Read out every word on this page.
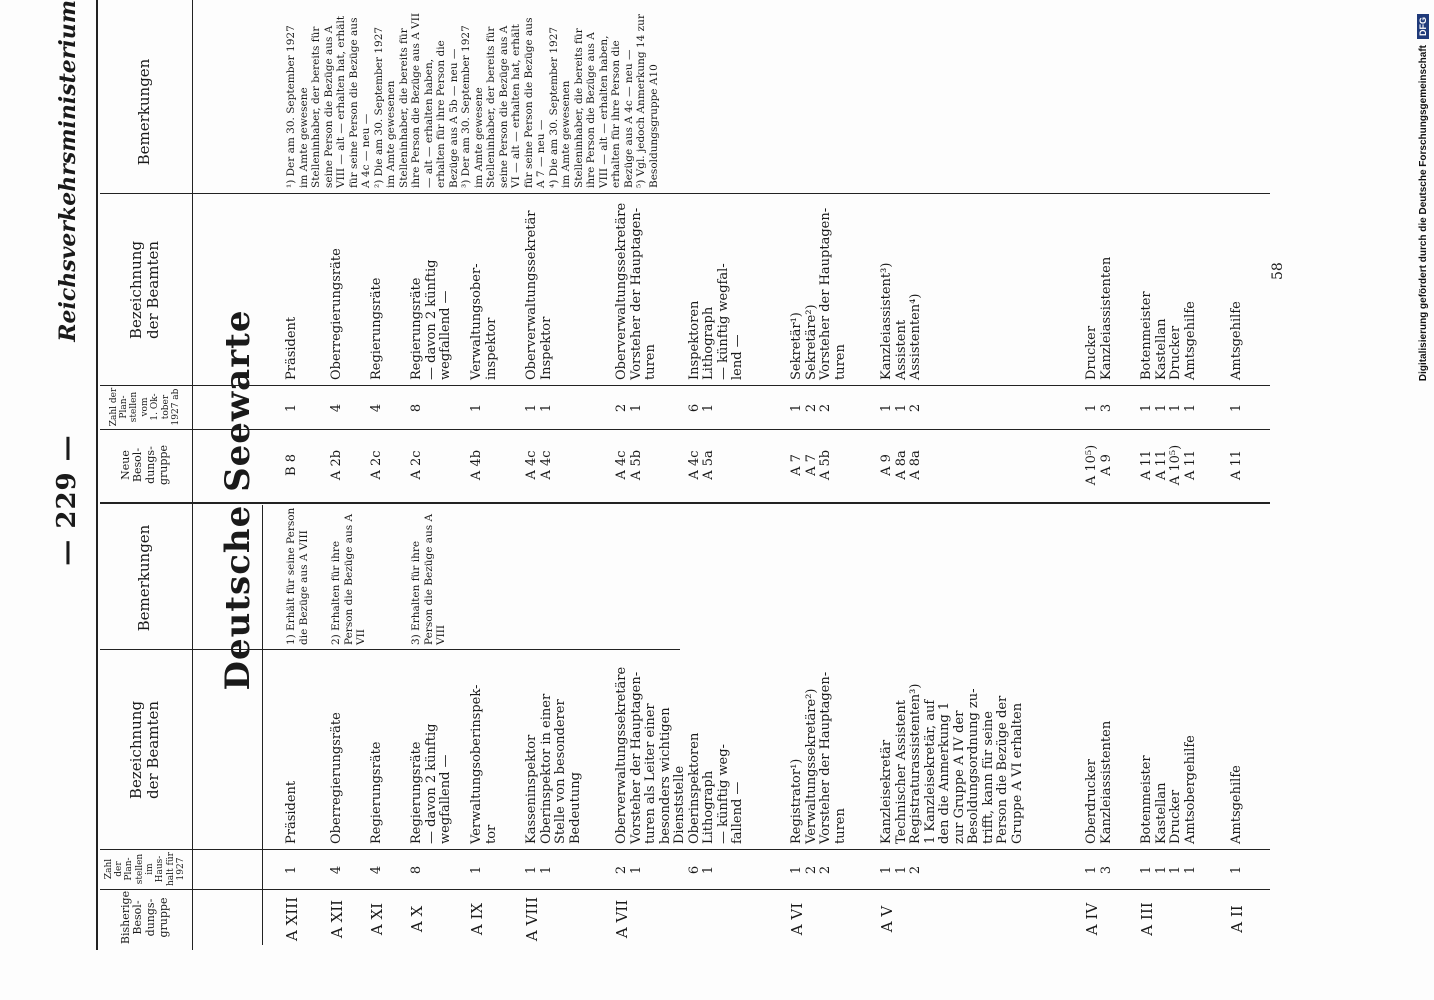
— 229 —
Reichsverkehrsministerium
Bisherige
Besol-
dungs-
gruppe
Zahl der
Plan-
stellen
im Haus-
halt für
1927
Bezeichnung
der Beamten
Bemerkungen
Neue
Besol-
dungs-
gruppe
Zahl der
Plan-
stellen
vom
1. Ok-
tober
1927 ab
Bezeichnung
der Beamten
Bemerkungen
Deutsche Seewarte
A XIII
1
Präsident
1) Erhält für seine Person die Bezüge aus A VIII
A XII
4
Oberregierungsräte
2) Erhalten für ihre Person die Bezüge aus A VII
A XI
4
Regierungsräte
A X
8
Regierungsräte
— davon 2 künftig
wegfallend —
3) Erhalten für ihre Person die Bezüge aus A VIII
A IX
1
Verwaltungsoberinspek-
tor
A VIII
1
1
Kasseninspektor
Oberinspektor in einer
Stelle von besonderer
Bedeutung
A VII
2
1

6
1
Oberverwaltungssekretäre
Vorsteher der Hauptagen-
turen als Leiter einer
besonders wichtigen
Dienststelle
Oberinspektoren
Lithograph
— künftig weg-
fallend —
A VI
1
2
2
Registrator¹)
Verwaltungssekretäre²)
Vorsteher der Hauptagen-
turen
A V
1
1
2
Kanzleisekretär
Technischer Assistent
Registraturassistenten³)
1 Kanzleisekretär, auf
den die Anmerkung 1
zur Gruppe A IV der
Besoldungsordnung zu-
trifft, kann für seine
Person die Bezüge der
Gruppe A VI erhalten
A IV
1
3
Oberdrucker
Kanzleiassistenten
A III
1
1
1
1
Botenmeister
Kastellan
Drucker
Amtsobergehilfe
A II
1
Amtsgehilfe
B 8
1
Präsident
A 2b
4
Oberregierungsräte
A 2c
4
Regierungsräte
A 2c
8
Regierungsräte
— davon 2 künftig
wegfallend —
A 4b
1
Verwaltungsober-
inspektor
A 4c
A 4c
1
1
Oberverwaltungssekretär
Inspektor
A 4c
A 5b

A 4c
A 5a
2
1

6
1
Oberverwaltungssekretäre
Vorsteher der Hauptagen-
turen

Inspektoren
Lithograph
— künftig wegfal-
lend —
A 7
A 7
A 5b
1
2
2
Sekretär¹)
Sekretäre²)
Vorsteher der Hauptagen-
turen
A 9
A 8a
A 8a
1
1
2
Kanzleiassistent³)
Assistent
Assistenten⁴)
A 10⁵)
A 9
1
3
Drucker
Kanzleiassistenten
A 11
A 11
A 10⁵)
A 11
1
1
1
1
Botenmeister
Kastellan
Drucker
Amtsgehilfe
A 11
1
Amtsgehilfe
¹) Der am 30. September 1927 im Amte gewesene Stelleninhaber, der bereits für seine Person die Bezüge aus A VIII — alt — erhalten hat, erhält für seine Person die Bezüge aus A 4c — neu —
²) Die am 30. September 1927 im Amte gewesenen Stelleninhaber, die bereits für ihre Person die Bezüge aus A VII — alt — erhalten haben, erhalten für ihre Person die Bezüge aus A 5b — neu —
³) Der am 30. September 1927 im Amte gewesene Stelleninhaber, der bereits für seine Person die Bezüge aus A VI — alt — erhalten hat, erhält für seine Person die Bezüge aus A 7 — neu —
⁴) Die am 30. September 1927 im Amte gewesenen Stelleninhaber, die bereits für ihre Person die Bezüge aus A VIII — alt — erhalten haben, erhalten für ihre Person die Bezüge aus A 4c — neu —
⁵) Vgl. jedoch Anmerkung 14 zur Besoldungsgruppe A10
58	Digitalisierung gefördert durch die Deutsche Forschungsgemeinschaft
DFG
